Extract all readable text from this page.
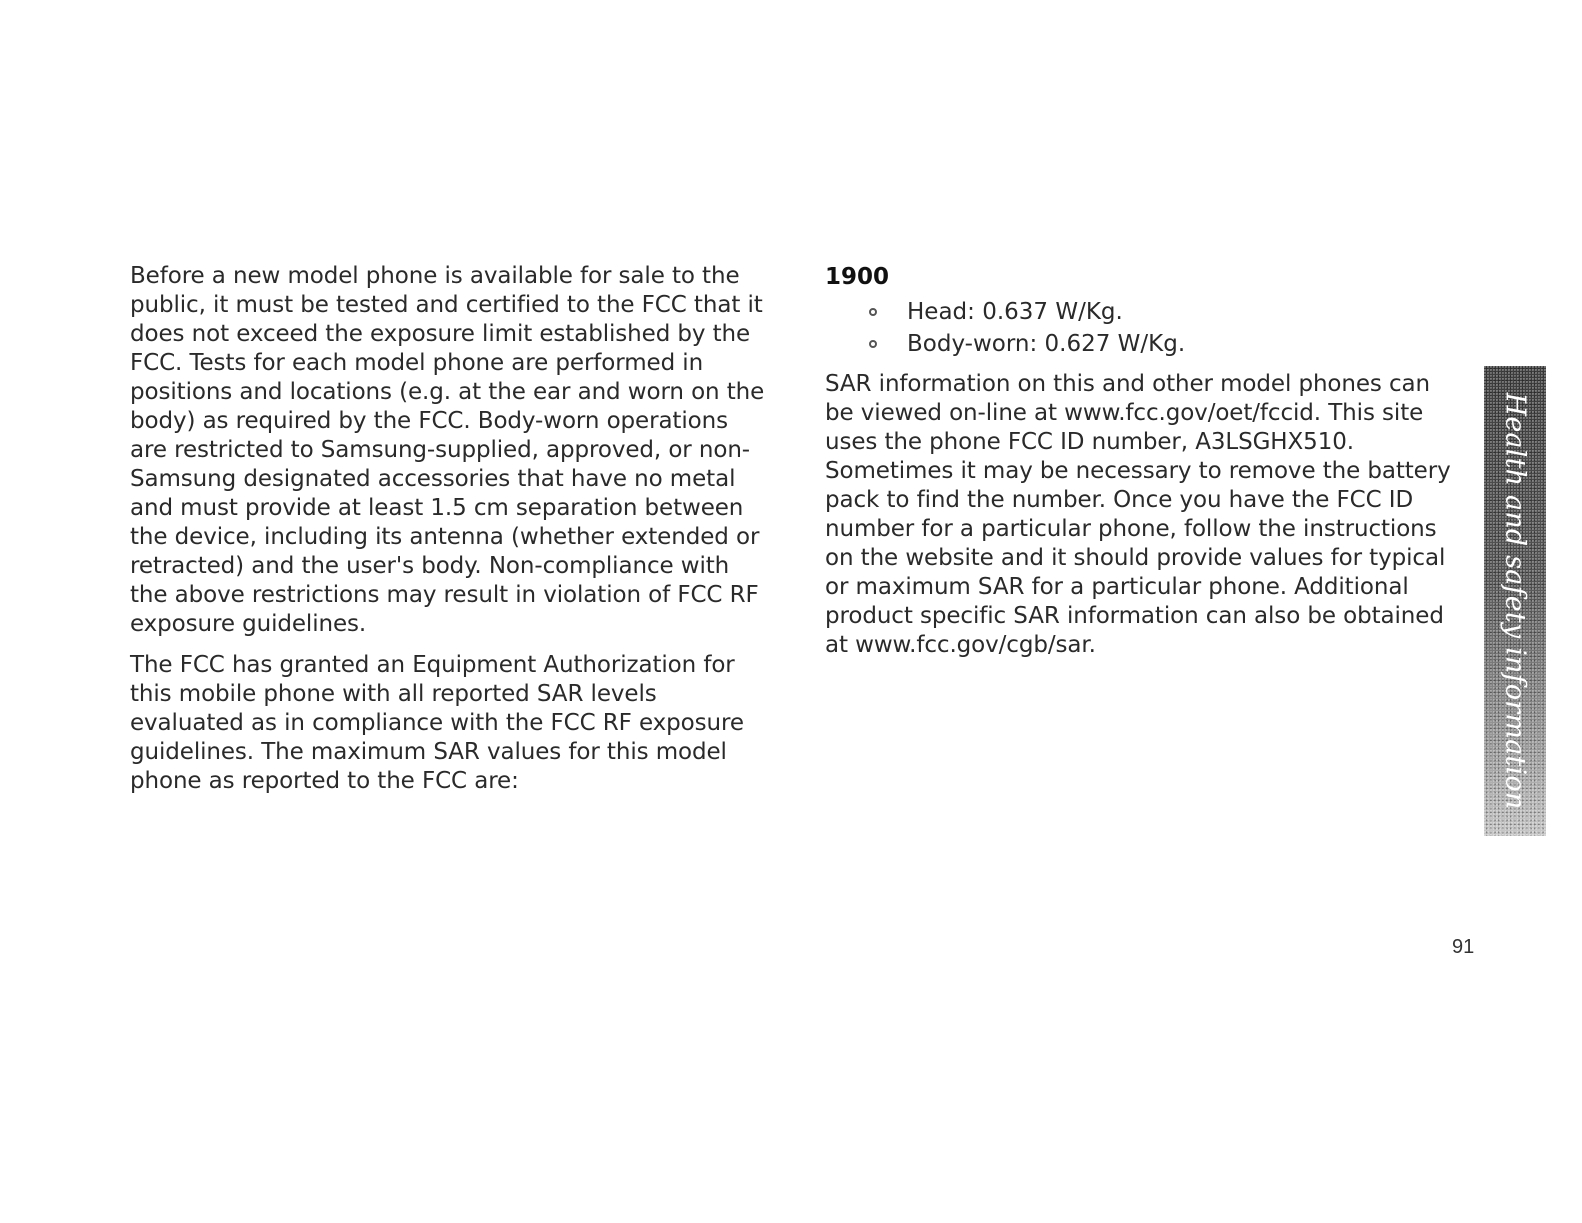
Before a new model phone is available for sale to the public, it must be tested and certified to the FCC that it does not exceed the exposure limit established by the FCC. Tests for each model phone are performed in positions and locations (e.g. at the ear and worn on the body) as required by the FCC. Body-worn operations are restricted to Samsung-supplied, approved, or non- Samsung designated accessories that have no metal and must provide at least 1.5 cm separation between the device, including its antenna (whether extended or retracted) and the user's body. Non-compliance with the above restrictions may result in violation of FCC RF exposure guidelines.

The FCC has granted an Equipment Authorization for this mobile phone with all reported SAR levels evaluated as in compliance with the FCC RF exposure guidelines. The maximum SAR values for this model phone as reported to the FCC are:

1900
Head: 0.637 W/Kg.
Body-worn: 0.627 W/Kg.

SAR information on this and other model phones can be viewed on-line at www.fcc.gov/oet/fccid. This site uses the phone FCC ID number, A3LSGHX510. Sometimes it may be necessary to remove the battery pack to find the number. Once you have the FCC ID number for a particular phone, follow the instructions on the website and it should provide values for typical or maximum SAR for a particular phone. Additional product specific SAR information can also be obtained at www.fcc.gov/cgb/sar.	Health and safety information
91
